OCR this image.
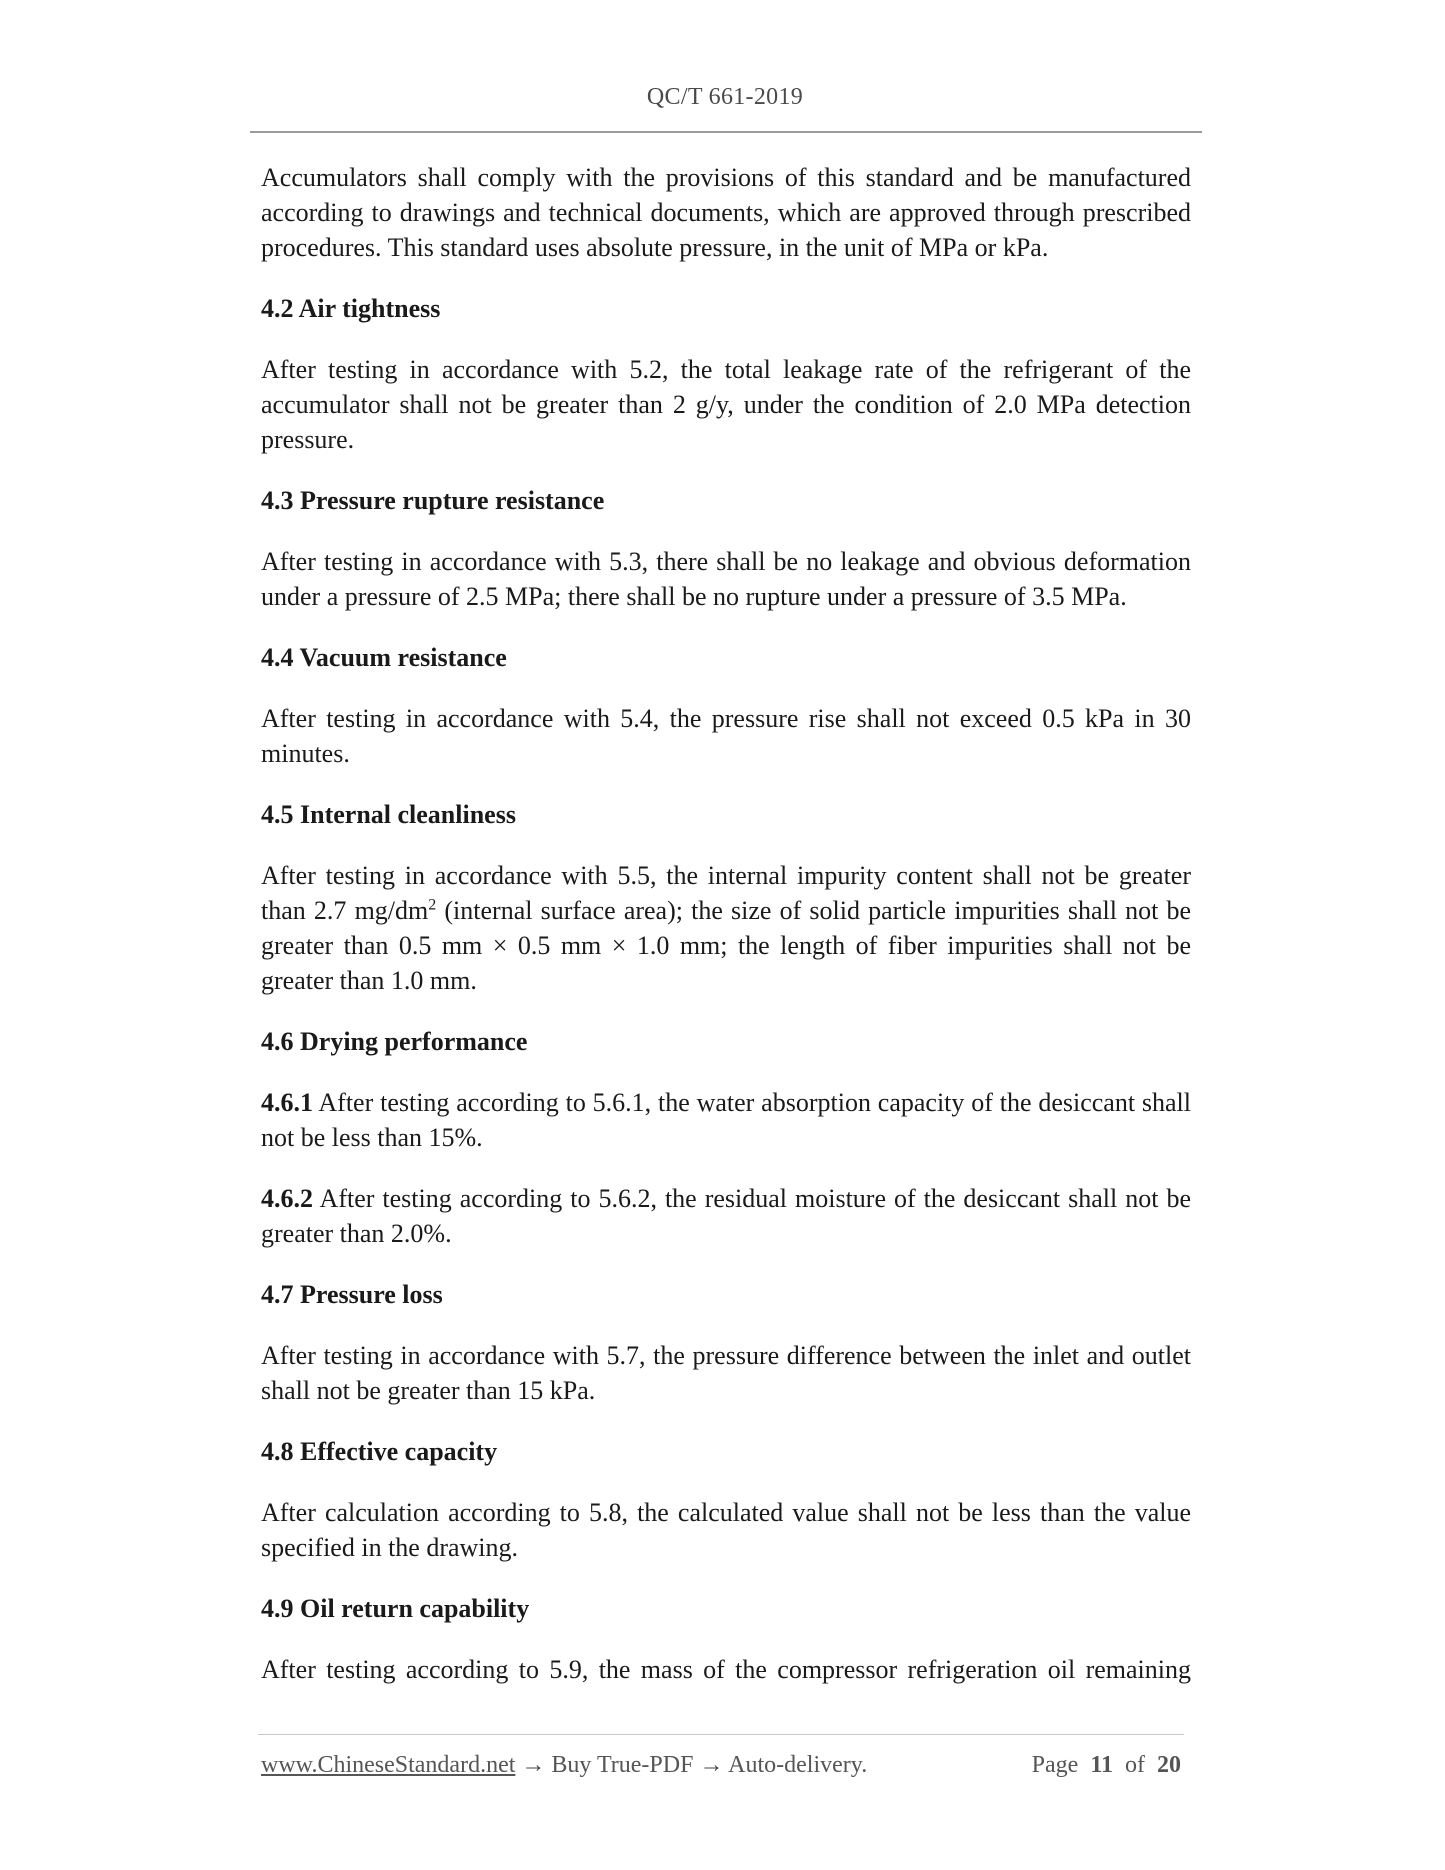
QC/T 661-2019

Accumulators shall comply with the provisions of this standard and be manufactured according to drawings and technical documents, which are approved through prescribed procedures. This standard uses absolute pressure, in the unit of MPa or kPa.

4.2 Air tightness

After testing in accordance with 5.2, the total leakage rate of the refrigerant of the accumulator shall not be greater than 2 g/y, under the condition of 2.0 MPa detection pressure.

4.3 Pressure rupture resistance

After testing in accordance with 5.3, there shall be no leakage and obvious deformation under a pressure of 2.5 MPa; there shall be no rupture under a pressure of 3.5 MPa.

4.4 Vacuum resistance

After testing in accordance with 5.4, the pressure rise shall not exceed 0.5 kPa in 30 minutes.

4.5 Internal cleanliness

After testing in accordance with 5.5, the internal impurity content shall not be greater than 2.7 $mg/dm^2$ (internal surface area); the size of solid particle impurities shall not be greater than 0.5 mm × 0.5 mm × 1.0 mm; the length of fiber impurities shall not be greater than 1.0 mm.

4.6 Drying performance

4.6.1 After testing according to 5.6.1, the water absorption capacity of the desiccant shall not be less than 15%.

4.6.2 After testing according to 5.6.2, the residual moisture of the desiccant shall not be greater than 2.0%.

4.7 Pressure loss

After testing in accordance with 5.7, the pressure difference between the inlet and outlet shall not be greater than 15 kPa.

4.8 Effective capacity

After calculation according to 5.8, the calculated value shall not be less than the value specified in the drawing.

4.9 Oil return capability

After testing according to 5.9, the mass of the compressor refrigeration oil remaining

www.ChineseStandard.net → Buy True-PDF → Auto-delivery.	Page 11 of 20
